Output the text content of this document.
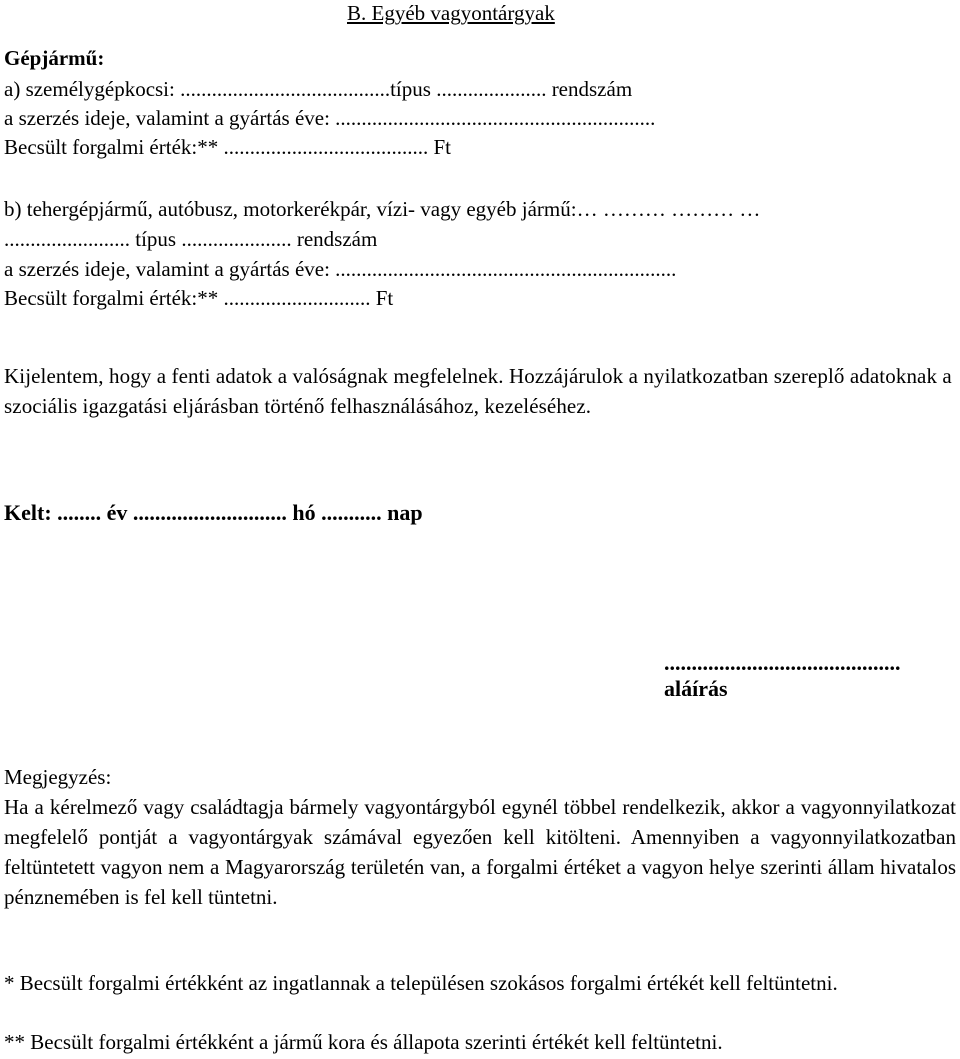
B. Egyéb vagyontárgyak

Gépjármű:

a) személygépkocsi: ........................................típus ..................... rendszám

a szerzés ideje, valamint a gyártás éve: .............................................................

Becsült forgalmi érték:** ....................................... Ft

b) tehergépjármű, autóbusz, motorkerékpár, vízi- vagy egyéb jármű:… ……… ……… …

........................ típus ..................... rendszám

a szerzés ideje, valamint a gyártás éve: .................................................................

Becsült forgalmi érték:** ............................ Ft

Kijelentem, hogy a fenti adatok a valóságnak megfelelnek. Hozzájárulok a nyilatkozatban szereplő adatoknak a szociális igazgatási eljárásban történő felhasználásához, kezeléséhez.

Kelt: ........ év ............................ hó ........... nap

...........................................

aláírás

Megjegyzés:

Ha a kérelmező vagy családtagja bármely vagyontárgyból egynél többel rendelkezik, akkor a vagyonnyilatkozat megfelelő pontját a vagyontárgyak számával egyezően kell kitölteni. Amennyiben a vagyonnyilatkozatban feltüntetett vagyon nem a Magyarország területén van, a forgalmi értéket a vagyon helye szerinti állam hivatalos pénznemében is fel kell tüntetni.

* Becsült forgalmi értékként az ingatlannak a településen szokásos forgalmi értékét kell feltüntetni.

** Becsült forgalmi értékként a jármű kora és állapota szerinti értékét kell feltüntetni.
